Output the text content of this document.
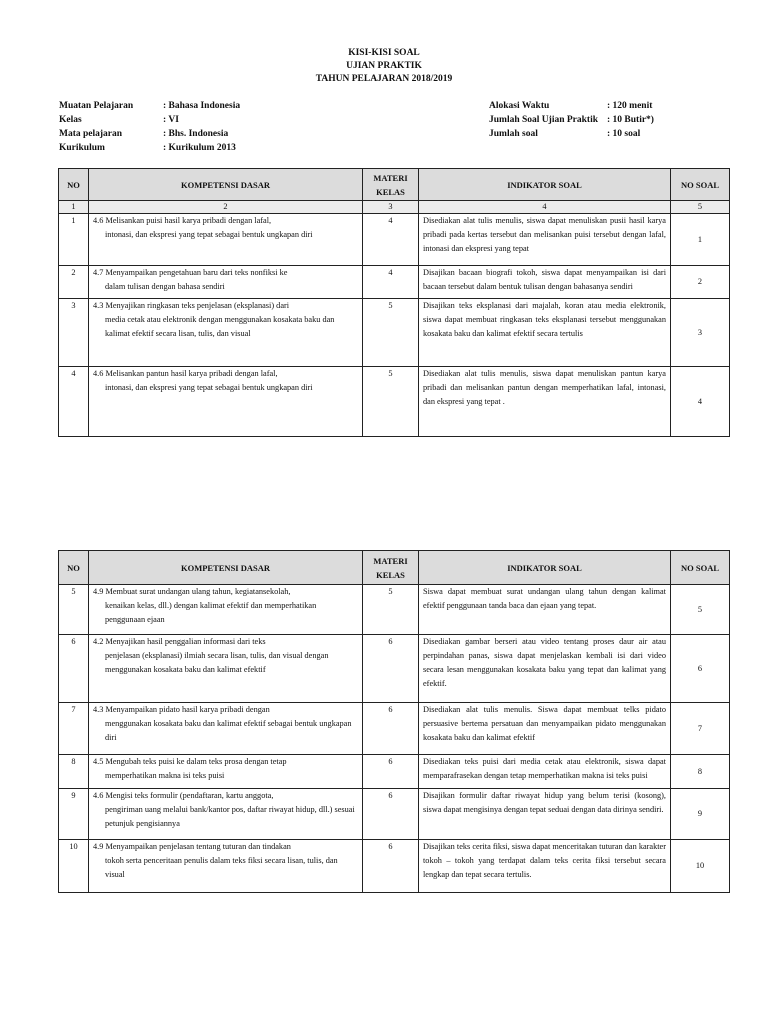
KISI-KISI SOAL
UJIAN PRAKTIK
TAHUN PELAJARAN 2018/2019
Muatan Pelajaran	: Bahasa Indonesia
Kelas	: VI
Mata pelajaran	: Bhs. Indonesia
Kurikulum	: Kurikulum 2013
Alokasi Waktu	: 120 menit
Jumlah Soal Ujian Praktik : 10 Butir*)
Jumlah soal	: 10 soal
NO	KOMPETENSI DASAR	MATERI
KELAS	INDIKATOR SOAL	NO SOAL
1	2	3	4	5
1	4.6 Melisankan puisi hasil karya pribadi dengan lafal,
intonasi, dan ekspresi yang tepat sebagai bentuk ungkapan diri	4	Disediakan alat tulis menulis, siswa dapat menuliskan pusii hasil karya pribadi pada kertas tersebut dan melisankan puisi tersebut dengan lafal, intonasi dan ekspresi yang tepat	1
2	4.7 Menyampaikan pengetahuan baru dari teks nonfiksi ke
dalam tulisan dengan bahasa sendiri	4	Disajikan bacaan biografi tokoh, siswa dapat menyampaikan isi dari bacaan tersebut dalam bentuk tulisan dengan bahasanya sendiri	2
3	4.3 Menyajikan ringkasan teks penjelasan (eksplanasi) dari
media cetak atau elektronik dengan menggunakan kosakata baku dan kalimat efektif secara lisan, tulis, dan visual	5	Disajikan teks eksplanasi dari majalah, koran atau media elektronik, siswa dapat membuat ringkasan teks eksplanasi tersebut menggunakan kosakata baku dan kalimat efektif secara tertulis	3
4	4.6 Melisankan pantun hasil karya pribadi dengan lafal,
intonasi, dan ekspresi yang tepat sebagai bentuk ungkapan diri	5	Disediakan alat tulis menulis, siswa dapat menuliskan pantun karya pribadi dan melisankan pantun dengan memperhatikan lafal, intonasi, dan ekspresi yang tepat .	4
NO	KOMPETENSI DASAR	MATERI
KELAS	INDIKATOR SOAL	NO SOAL
5	4.9 Membuat surat undangan ulang tahun, kegiatansekolah,
kenaikan kelas, dll.) dengan kalimat efektif dan memperhatikan penggunaan ejaan	5	Siswa dapat membuat surat undangan ulang tahun dengan kalimat efektif penggunaan tanda baca dan ejaan yang tepat.	5
6	4.2 Menyajikan hasil penggalian informasi dari teks
penjelasan (eksplanasi) ilmiah secara lisan, tulis, dan visual dengan menggunakan kosakata baku dan kalimat efektif	6	Disediakan gambar berseri atau video tentang proses daur air atau perpindahan panas, siswa dapat menjelaskan kembali isi dari video secara lesan menggunakan kosakata baku yang tepat dan kalimat yang efektif.	6
7	4.3 Menyampaikan pidato hasil karya pribadi dengan
menggunakan kosakata baku dan kalimat efektif sebagai bentuk ungkapan diri	6	Disediakan alat tulis menulis. Siswa dapat membuat telks pidato persuasive bertema persatuan dan menyampaikan pidato menggunakan kosakata baku dan kalimat efektif	7
8	4.5 Mengubah teks puisi ke dalam teks prosa dengan tetap
memperhatikan makna isi teks puisi	6	Disediakan teks puisi dari media cetak atau elektronik, siswa dapat memparafrasekan dengan tetap memperhatikan makna isi teks puisi	8
9	4.6 Mengisi teks formulir (pendaftaran, kartu anggota,
pengiriman uang melalui bank/kantor pos, daftar riwayat hidup, dll.) sesuai petunjuk pengisiannya	6	Disajikan formulir daftar riwayat hidup yang belum terisi (kosong), siswa dapat mengisinya dengan tepat seduai dengan data dirinya sendiri.	9
10	4.9 Menyampaikan penjelasan tentang tuturan dan tindakan
tokoh serta penceritaan penulis dalam teks fiksi secara lisan, tulis, dan visual	6	Disajikan teks cerita fiksi, siswa dapat menceritakan tuturan dan karakter tokoh – tokoh yang terdapat dalam teks cerita fiksi tersebut secara lengkap dan tepat secara tertulis.	10
